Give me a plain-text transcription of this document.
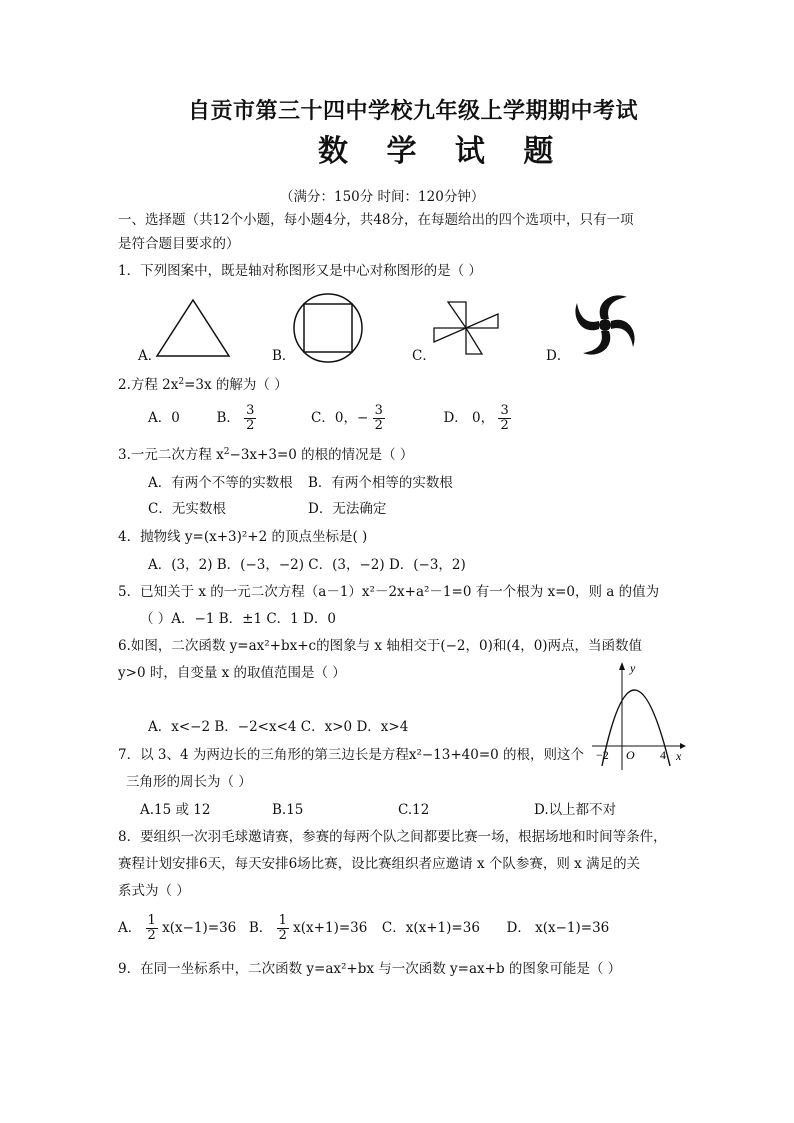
自贡市第三十四中学校九年级上学期期中考试
数 学 试 题
（满分：150分 时间：120分钟）
一、选择题（共12个小题，每小题4分，共48分，在每题给出的四个选项中，只有一项
是符合题目要求的）
1．下列图案中，既是轴对称图形又是中心对称图形的是（ ）
A．	B．	C．	D．
2.方程 $2x^2=3x$ 的解为（ ）
A．0	B． $\frac{3}{2}$	C．0，− $\frac{3}{2}$	D． 0， $\frac{3}{2}$
3.一元二次方程 $x^2-3x+3=0$ 的根的情况是（ ）
A．有两个不等的实数根 B．有两个相等的实数根
C．无实数根	D．无法确定
4．抛物线 y=(x+3)²+2 的顶点坐标是( )
A．(3，2) B．(−3，−2) C．(3，−2) D．(−3，2)
5．已知关于 x 的一元二次方程（a－1）x²－2x+a²－1=0 有一个根为 x=0，则 a 的值为
（ ）A．−1 B．±1 C．1 D．0
6.如图，二次函数 y=ax²+bx+c的图象与 x 轴相交于(−2，0)和(4，0)两点，当函数值
y>0 时，自变量 x 的取值范围是（ ）
A．x<−2 B．−2<x<4 C．x>0 D．x>4
y
x
O
−2	4
7．以 3、4 为两边长的三角形的第三边长是方程x²−13+40=0 的根，则这个
三角形的周长为（ ）
A.15 或 12	B.15	C.12	D.以上都不对
8．要组织一次羽毛球邀请赛，参赛的每两个队之间都要比赛一场，根据场地和时间等条件，
赛程计划安排6天，每天安排6场比赛，设比赛组织者应邀请 x 个队参赛，则 x 满足的关
系式为（ ）
A． $\frac{1}{2} x(x-1)=36$ B． $\frac{1}{2} x(x+1)=36$ C．x(x+1)=36 D． x(x−1)=36
9．在同一坐标系中，二次函数 y=ax²+bx 与一次函数 y=ax+b 的图象可能是（ ）
